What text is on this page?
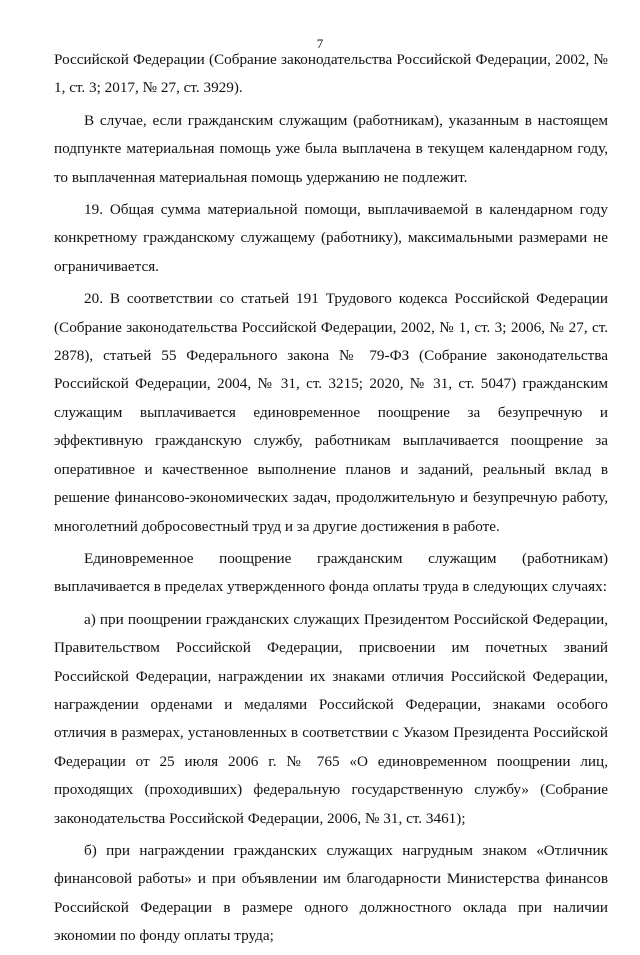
7

Российской Федерации (Собрание законодательства Российской Федерации, 2002, № 1, ст. 3; 2017, № 27, ст. 3929).

В случае, если гражданским служащим (работникам), указанным в настоящем подпункте материальная помощь уже была выплачена в текущем календарном году, то выплаченная материальная помощь удержанию не подлежит.

19. Общая сумма материальной помощи, выплачиваемой в календарном году конкретному гражданскому служащему (работнику), максимальными размерами не ограничивается.

20. В соответствии со статьей 191 Трудового кодекса Российской Федерации (Собрание законодательства Российской Федерации, 2002, № 1, ст. 3; 2006, № 27, ст. 2878), статьей 55 Федерального закона № 79-ФЗ (Собрание законодательства Российской Федерации, 2004, № 31, ст. 3215; 2020, № 31, ст. 5047) гражданским служащим выплачивается единовременное поощрение за безупречную и эффективную гражданскую службу, работникам выплачивается поощрение за оперативное и качественное выполнение планов и заданий, реальный вклад в решение финансово-экономических задач, продолжительную и безупречную работу, многолетний добросовестный труд и за другие достижения в работе.

Единовременное поощрение гражданским служащим (работникам) выплачивается в пределах утвержденного фонда оплаты труда в следующих случаях:

а) при поощрении гражданских служащих Президентом Российской Федерации, Правительством Российской Федерации, присвоении им почетных званий Российской Федерации, награждении их знаками отличия Российской Федерации, награждении орденами и медалями Российской Федерации, знаками особого отличия в размерах, установленных в соответствии с Указом Президента Российской Федерации от 25 июля 2006 г. № 765 «О единовременном поощрении лиц, проходящих (проходивших) федеральную государственную службу» (Собрание законодательства Российской Федерации, 2006, № 31, ст. 3461);

б) при награждении гражданских служащих нагрудным знаком «Отличник финансовой работы» и при объявлении им благодарности Министерства финансов Российской Федерации в размере одного должностного оклада при наличии экономии по фонду оплаты труда;
